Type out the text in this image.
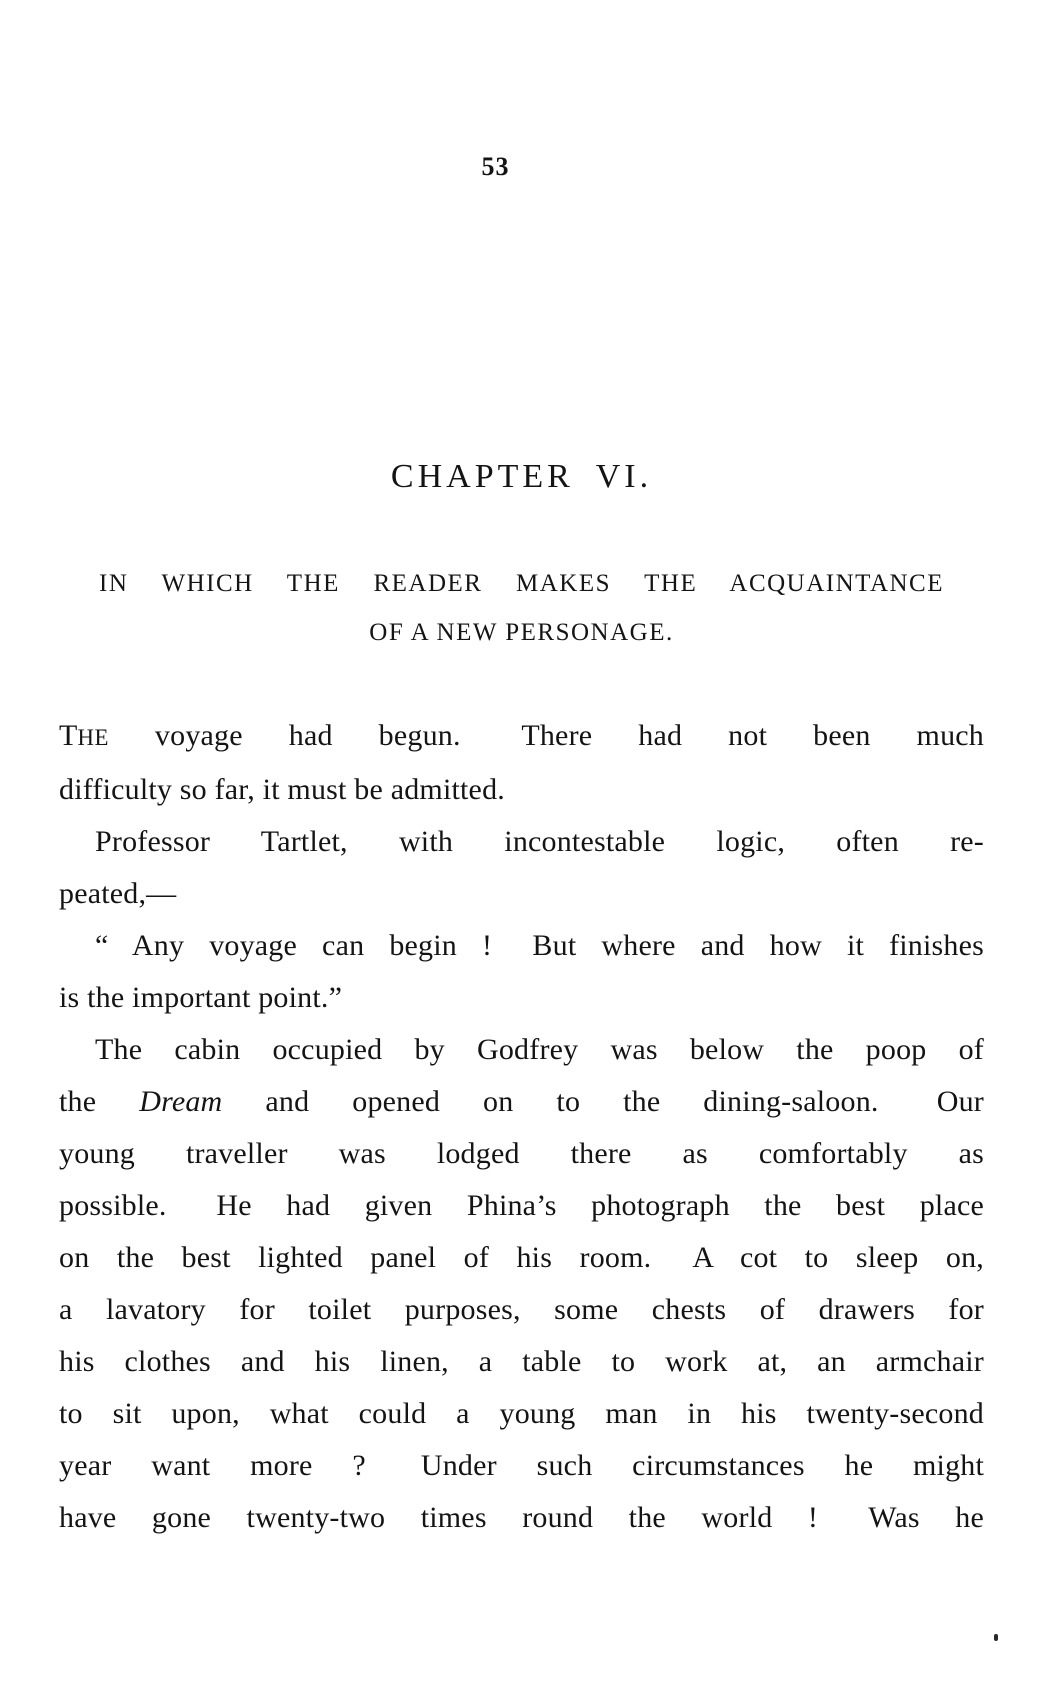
53
CHAPTER VI.
IN WHICH THE READER MAKES THE ACQUAINTANCE
OF A NEW PERSONAGE.
THE voyage had begun.  There had not been much
difficulty so far, it must be admitted.
Professor Tartlet, with incontestable logic, often re-
peated,—
“ Any voyage can begin !  But where and how it finishes
is the important point.”
The cabin occupied by Godfrey was below the poop of
the Dream and opened on to the dining-saloon.  Our
young traveller was lodged there as comfortably as
possible.  He had given Phina’s photograph the best place
on the best lighted panel of his room.  A cot to sleep on,
a lavatory for toilet purposes, some chests of drawers for
his clothes and his linen, a table to work at, an armchair
to sit upon, what could a young man in his twenty-second
year want more ?  Under such circumstances he might
have gone twenty-two times round the world !  Was he
